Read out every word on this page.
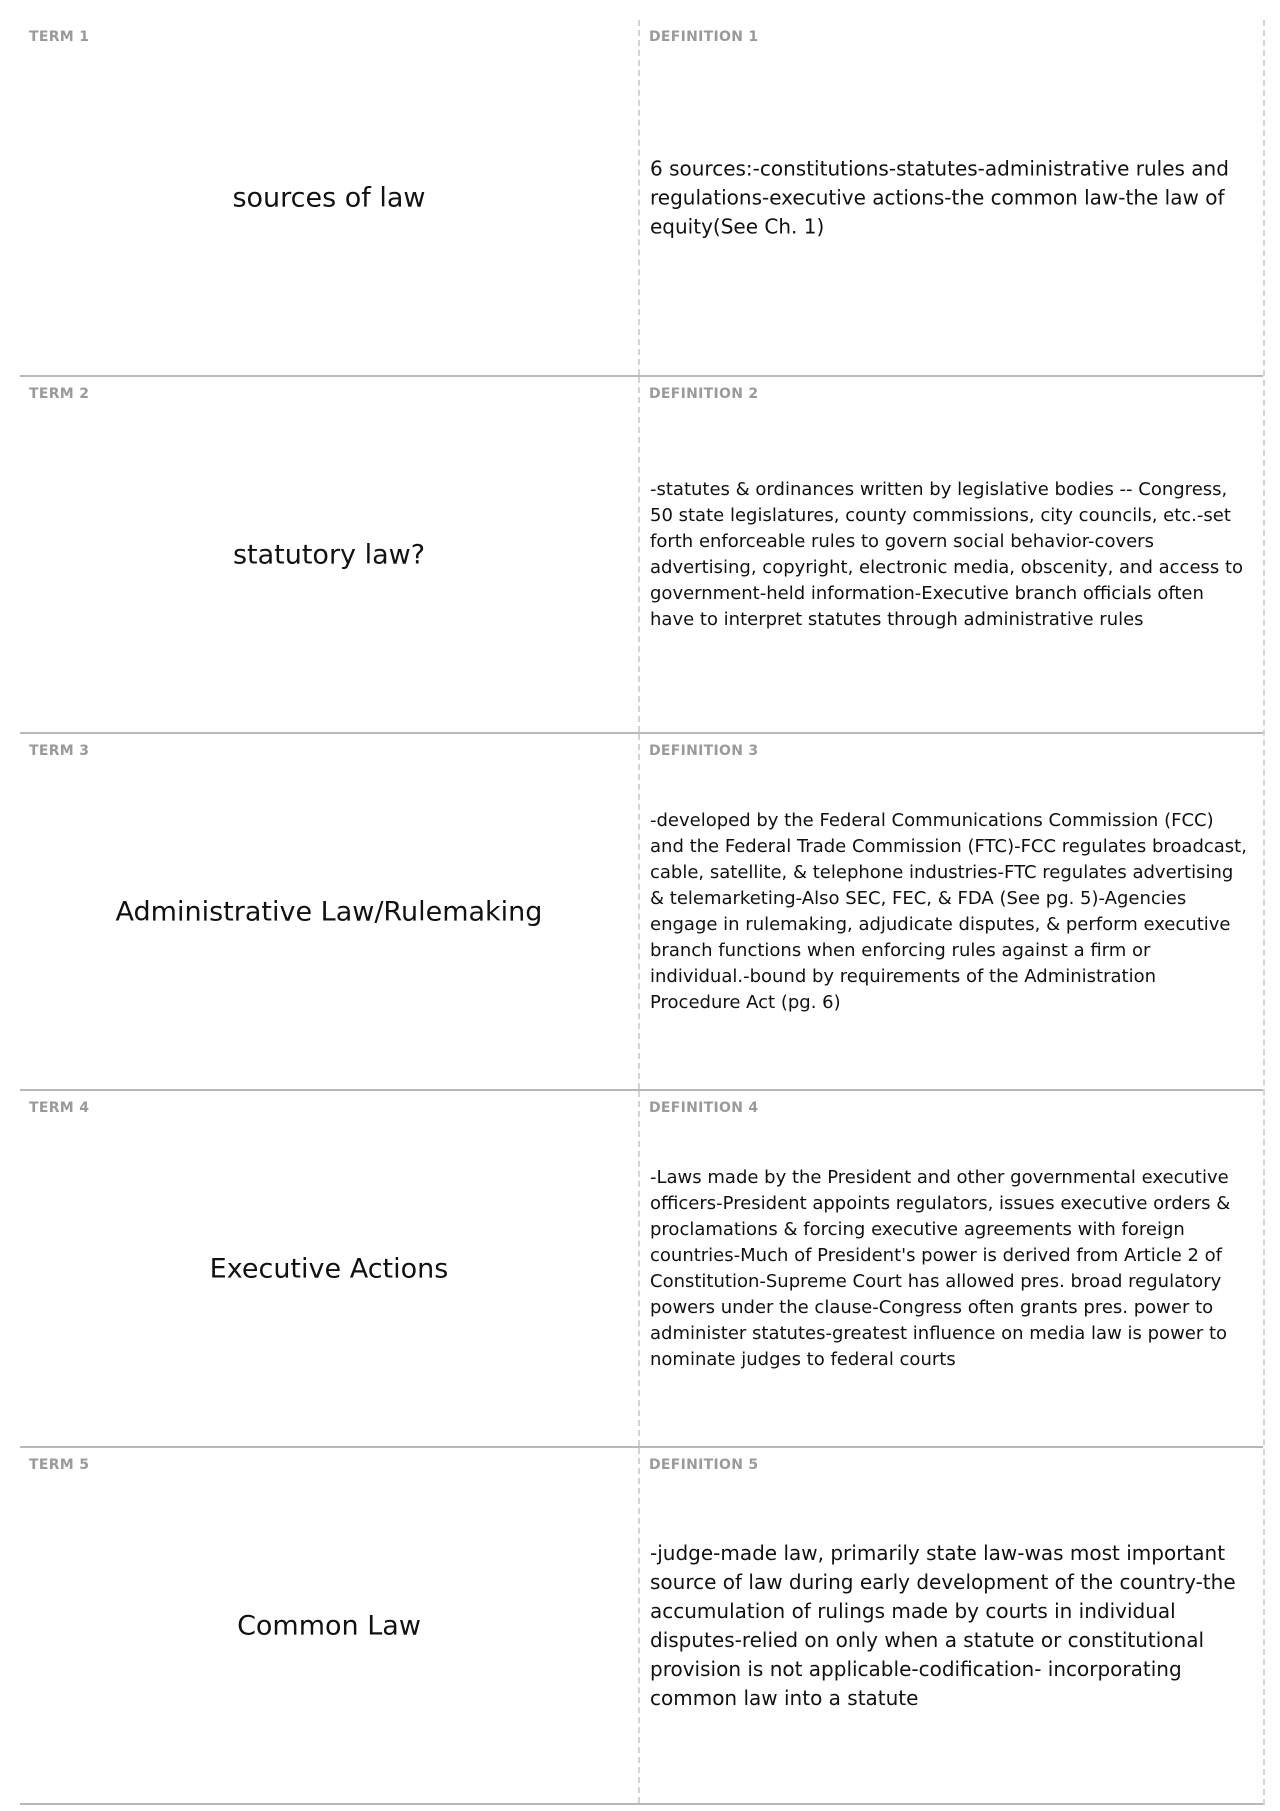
TERM 1
sources of law
DEFINITION 1
6 sources:-constitutions-statutes-administrative rules and regulations-executive actions-the common law-the law of equity(See Ch. 1)
TERM 2
statutory law?
DEFINITION 2
-statutes & ordinances written by legislative bodies -- Congress, 50 state legislatures, county commissions, city councils, etc.-set forth enforceable rules to govern social behavior-covers advertising, copyright, electronic media, obscenity, and access to government-held information-Executive branch officials often have to interpret statutes through administrative rules
TERM 3
Administrative Law/Rulemaking
DEFINITION 3
-developed by the Federal Communications Commission (FCC) and the Federal Trade Commission (FTC)-FCC regulates broadcast, cable, satellite, & telephone industries-FTC regulates advertising & telemarketing-Also SEC, FEC, & FDA (See pg. 5)-Agencies engage in rulemaking, adjudicate disputes, & perform executive branch functions when enforcing rules against a firm or individual.-bound by requirements of the Administration Procedure Act (pg. 6)
TERM 4
Executive Actions
DEFINITION 4
-Laws made by the President and other governmental executive officers-President appoints regulators, issues executive orders & proclamations & forcing executive agreements with foreign countries-Much of President's power is derived from Article 2 of Constitution-Supreme Court has allowed pres. broad regulatory powers under the clause-Congress often grants pres. power to administer statutes-greatest influence on media law is power to nominate judges to federal courts
TERM 5
Common Law
DEFINITION 5
-judge-made law, primarily state law-was most important source of law during early development of the country-the accumulation of rulings made by courts in individual disputes-relied on only when a statute or constitutional provision is not applicable-codification- incorporating common law into a statute
